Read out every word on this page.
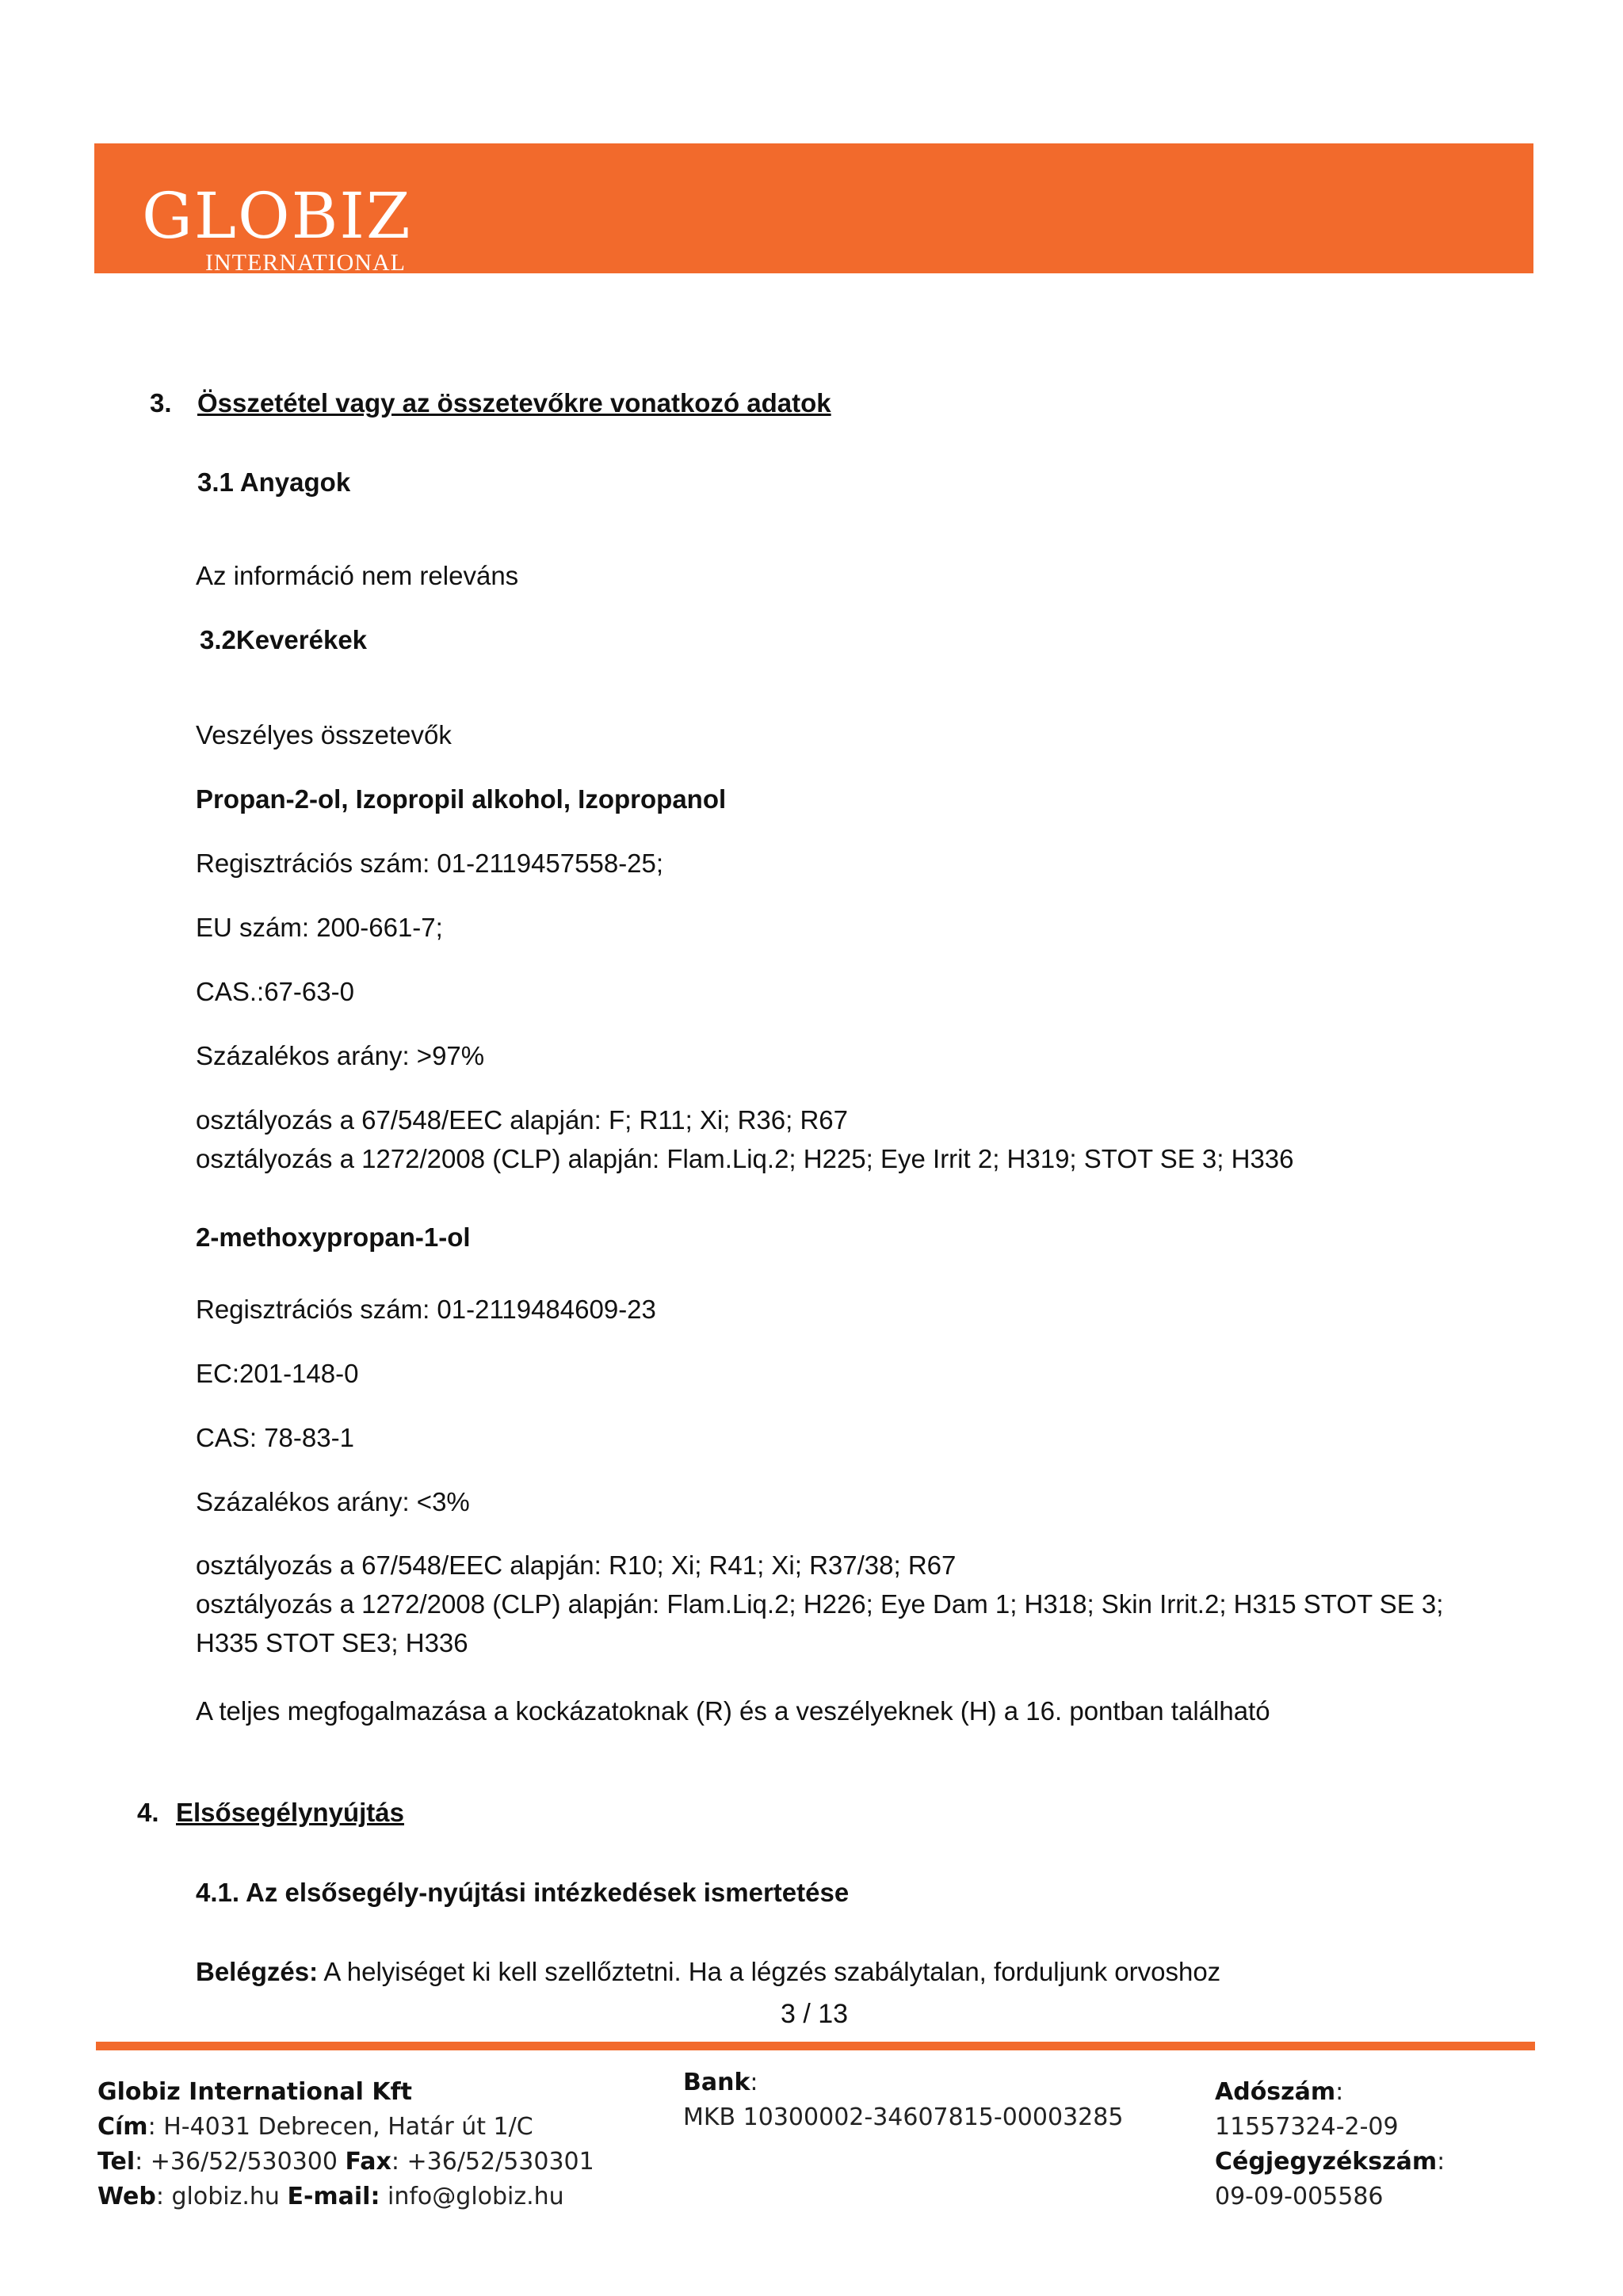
GLOBIZ
INTERNATIONAL
3. Összetétel vagy az összetevőkre vonatkozó adatok
3.1 Anyagok
Az információ nem releváns
3.2Keverékek
Veszélyes összetevők
Propan-2-ol, Izopropil alkohol, Izopropanol
Regisztrációs szám: 01-2119457558-25;
EU szám: 200-661-7;
CAS.:67-63-0
Százalékos arány: >97%
osztályozás a 67/548/EEC alapján: F; R11; Xi; R36; R67
osztályozás a 1272/2008 (CLP) alapján: Flam.Liq.2; H225; Eye Irrit 2; H319; STOT SE 3; H336
2-methoxypropan-1-ol
Regisztrációs szám: 01-2119484609-23
EC:201-148-0
CAS: 78-83-1
Százalékos arány: <3%
osztályozás a 67/548/EEC alapján: R10; Xi; R41; Xi; R37/38; R67
osztályozás a 1272/2008 (CLP) alapján: Flam.Liq.2; H226; Eye Dam 1; H318; Skin Irrit.2; H315 STOT SE 3;
H335 STOT SE3; H336
A teljes megfogalmazása a kockázatoknak (R) és a veszélyeknek (H) a 16. pontban található
4. Elsősegélynyújtás
4.1. Az elsősegély-nyújtási intézkedések ismertetése
Belégzés: A helyiséget ki kell szellőztetni. Ha a légzés szabálytalan, forduljunk orvoshoz
3 / 13
Globiz International Kft
Cím: H-4031 Debrecen, Határ út 1/C
Tel: +36/52/530300 Fax: +36/52/530301
Web: globiz.hu E-mail: info@globiz.hu
Bank:
MKB 10300002-34607815-00003285
Adószám:
11557324-2-09
Cégjegyzékszám:
09-09-005586
